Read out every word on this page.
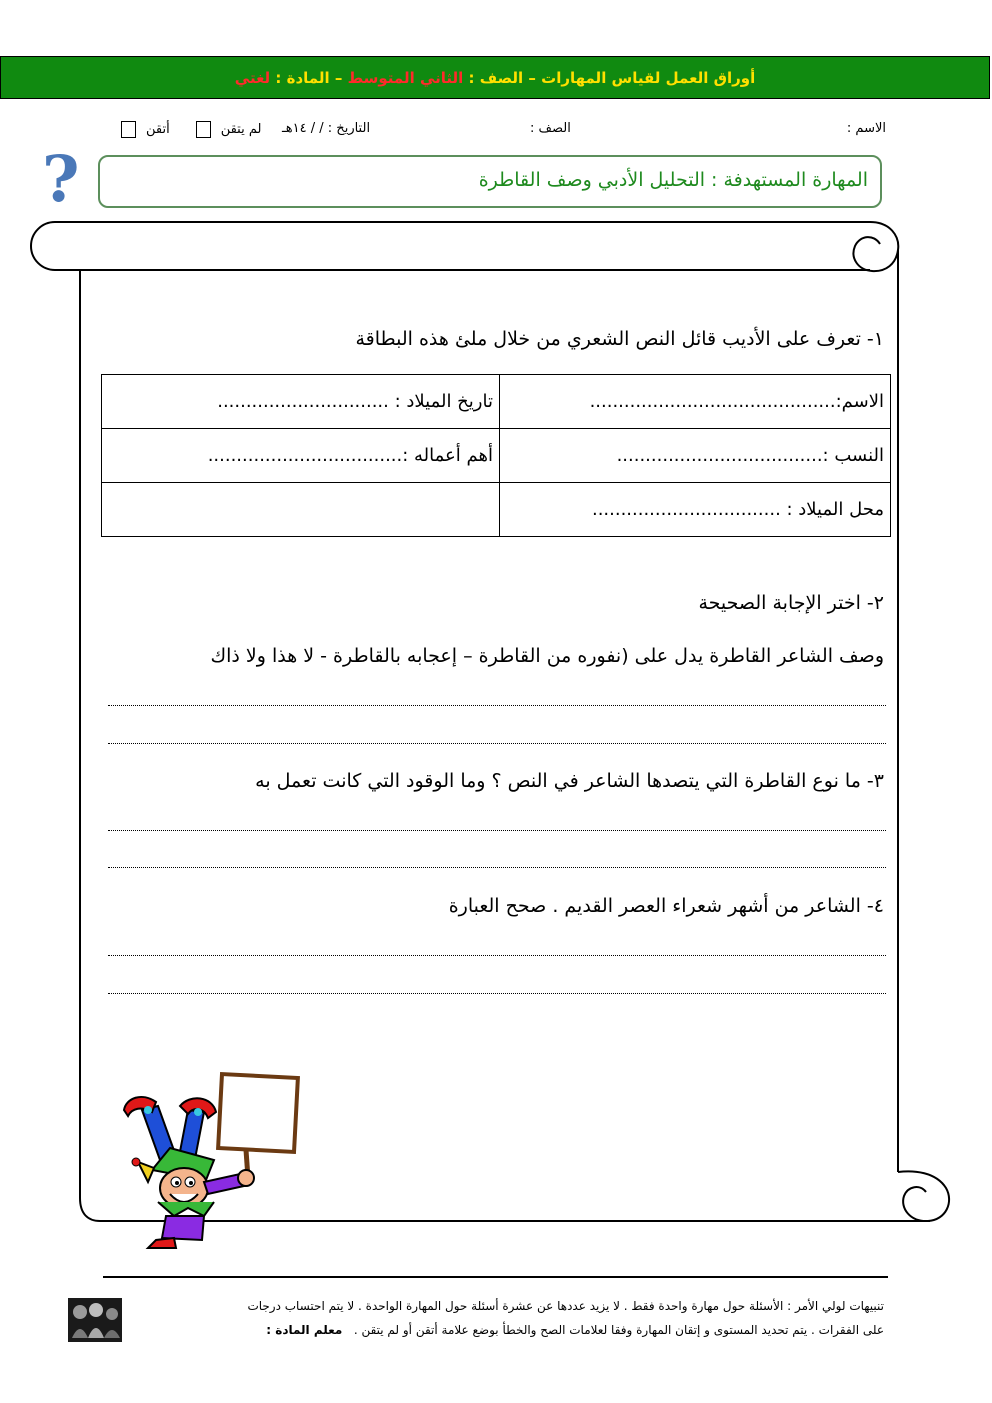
أوراق العمل لقياس المهارات – الصف : الثاني المتوسط – المادة : لغتي
الاسم :
الصف :
التاريخ : / / ١٤هـ
لم يتقنأتقن
?	المهارة المستهدفة : التحليل الأدبي وصف القاطرة
١- تعرف على الأديب قائل النص الشعري من خلال ملئ هذه البطاقة
الاسم:...........................................	تاريخ الميلاد : ..............................
النسب :....................................	أهم أعماله :..................................
محل الميلاد : .................................	
٢- اختر الإجابة الصحيحة
وصف الشاعر القاطرة يدل على (نفوره من القاطرة – إعجابه بالقاطرة - لا هذا ولا ذاك
٣- ما نوع القاطرة التي يتصدها الشاعر في النص ؟ وما الوقود التي كانت تعمل به
٤- الشاعر من أشهر شعراء العصر القديم . صحح العبارة
تنبيهات لولي الأمر : الأسئلة حول مهارة واحدة فقط . لا يزيد عددها عن عشرة أسئلة حول المهارة الواحدة . لا يتم احتساب درجات
على الفقرات . يتم تحديد المستوى و إتقان المهارة وفقا لعلامات الصح والخطأ بوضع علامة أتقن أو لم يتقن .   معلم المادة :
